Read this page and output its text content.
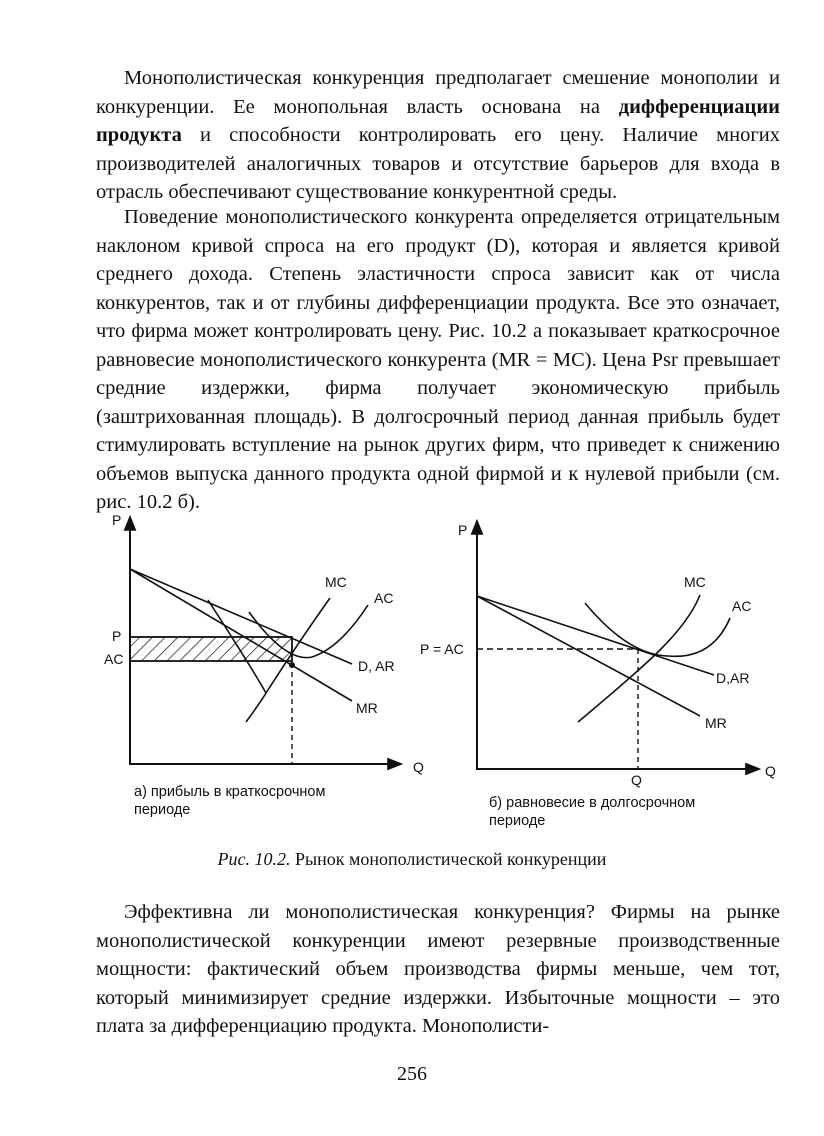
Монополистическая конкуренция предполагает смешение монополии и конкуренции. Ее монопольная власть основана на дифференциации продукта и способности контролировать его цену. Наличие многих производителей аналогичных товаров и отсутствие барьеров для входа в отрасль обеспечивают существование конкурентной среды.

Поведение монополистического конкурента определяется отрицательным наклоном кривой спроса на его продукт (D), которая и является кривой среднего дохода. Степень эластичности спроса зависит как от числа конкурентов, так и от глубины дифференциации продукта. Все это означает, что фирма может контролировать цену. Рис. 10.2 а показывает краткосрочное равновесие монополистического конкурента (MR = MC). Цена Psr превышает средние издержки, фирма получает экономическую прибыль (заштрихованная площадь). В долгосрочный период данная прибыль будет стимулировать вступление на рынок других фирм, что приведет к снижению объемов выпуска данного продукта одной фирмой и к нулевой прибыли (см. рис. 10.2 б).

P
Q
P
AC
MC
AC
D, AR
MR
P
Q
P = AC
Q
MC
AC
D,AR
MR
а) прибыль в краткосрочном периоде	б) равновесие в долгосрочном периоде
Рис. 10.2. Рынок монополистической конкуренции

Эффективна ли монополистическая конкуренция? Фирмы на рынке монополистической конкуренции имеют резервные производственные мощности: фактический объем производства фирмы меньше, чем тот, который минимизирует средние издержки. Избыточные мощности – это плата за дифференциацию продукта. Монополисти-

256
